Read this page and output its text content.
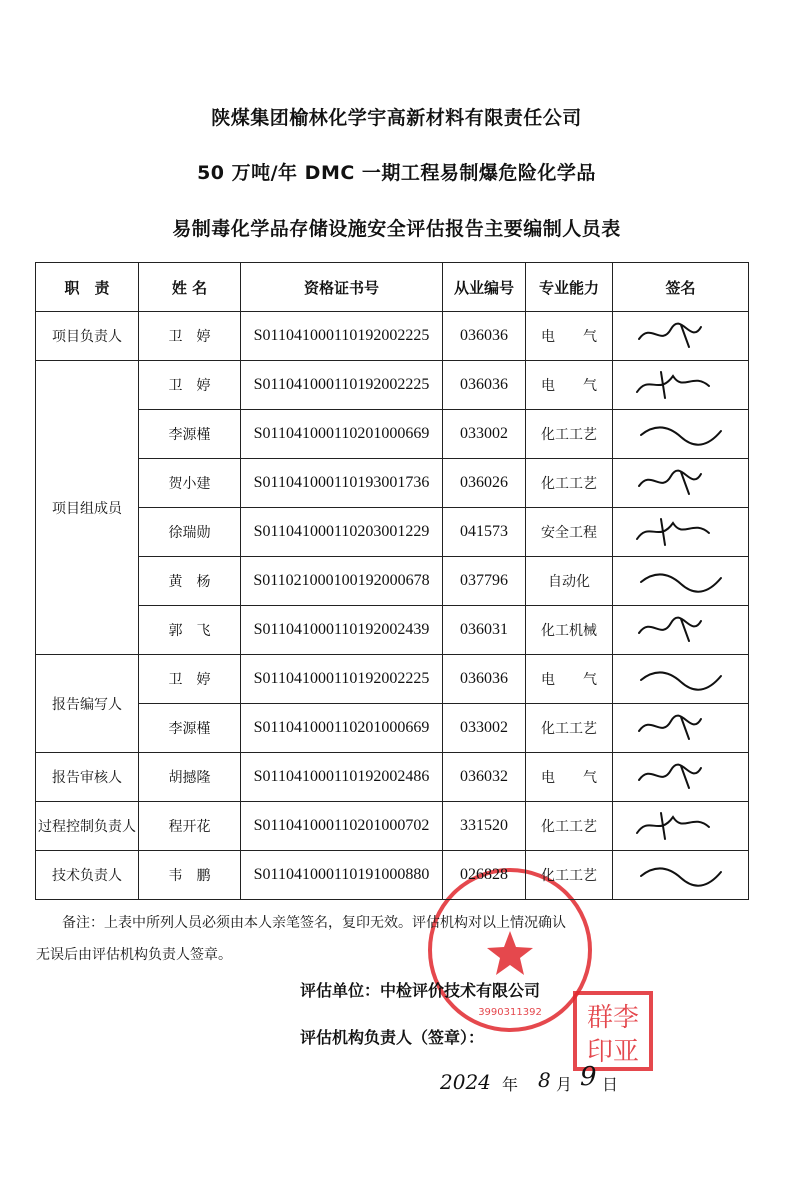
陕煤集团榆林化学宇高新材料有限责任公司
50 万吨/年 DMC 一期工程易制爆危险化学品
易制毒化学品存储设施安全评估报告主要编制人员表
职　责	姓 名	资格证书号	从业编号	专业能力	签名
项目负责人	卫　婷	S011041000110192002225	036036	电　　气	

项目组成员	卫　婷	S011041000110192002225	036036	电　　气	

	李源槿	S011041000110201000669	033002	化工工艺	

	贺小建	S011041000110193001736	036026	化工工艺	

	徐瑞勋	S011041000110203001229	041573	安全工程	

	黄　杨	S011021000100192000678	037796	自动化	

	郭　飞	S011041000110192002439	036031	化工机械	

报告编写人	卫　婷	S011041000110192002225	036036	电　　气	

	李源槿	S011041000110201000669	033002	化工工艺	

报告审核人	胡撼隆	S011041000110192002486	036032	电　　气	

过程控制负责人	程开花	S011041000110201000702	331520	化工工艺	

技术负责人	韦　鹏	S011041000110191000880	026828	化工工艺	
备注：上表中所列人员必须由本人亲笔签名，复印无效。评估机构对以上情况确认
无误后由评估机构负责人签章。
评估单位：中检评价技术有限公司
评估机构负责人（签章）：
2024 年 8 月 9 日
3990311392 群李
印亚
